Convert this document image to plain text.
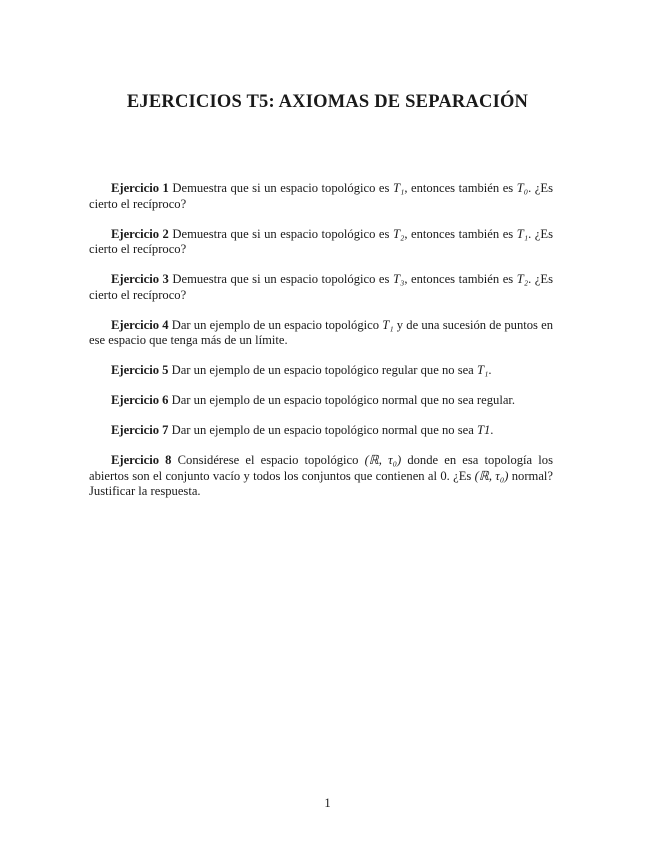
EJERCICIOS T5: AXIOMAS DE SEPARACIÓN

Ejercicio 1 Demuestra que si un espacio topológico es T₁, entonces también es T₀. ¿Es cierto el recíproco?

Ejercicio 2 Demuestra que si un espacio topológico es T₂, entonces también es T₁. ¿Es cierto el recíproco?

Ejercicio 3 Demuestra que si un espacio topológico es T₃, entonces también es T₂. ¿Es cierto el recíproco?

Ejercicio 4 Dar un ejemplo de un espacio topológico T₁ y de una sucesión de puntos en ese espacio que tenga más de un límite.

Ejercicio 5 Dar un ejemplo de un espacio topológico regular que no sea T₁.

Ejercicio 6 Dar un ejemplo de un espacio topológico normal que no sea regular.

Ejercicio 7 Dar un ejemplo de un espacio topológico normal que no sea T1.

Ejercicio 8 Considérese el espacio topológico (ℝ, τ₀) donde en esa topología los abiertos son el conjunto vacío y todos los conjuntos que contienen al 0. ¿Es (ℝ, τ₀) normal? Justificar la respuesta.

1
